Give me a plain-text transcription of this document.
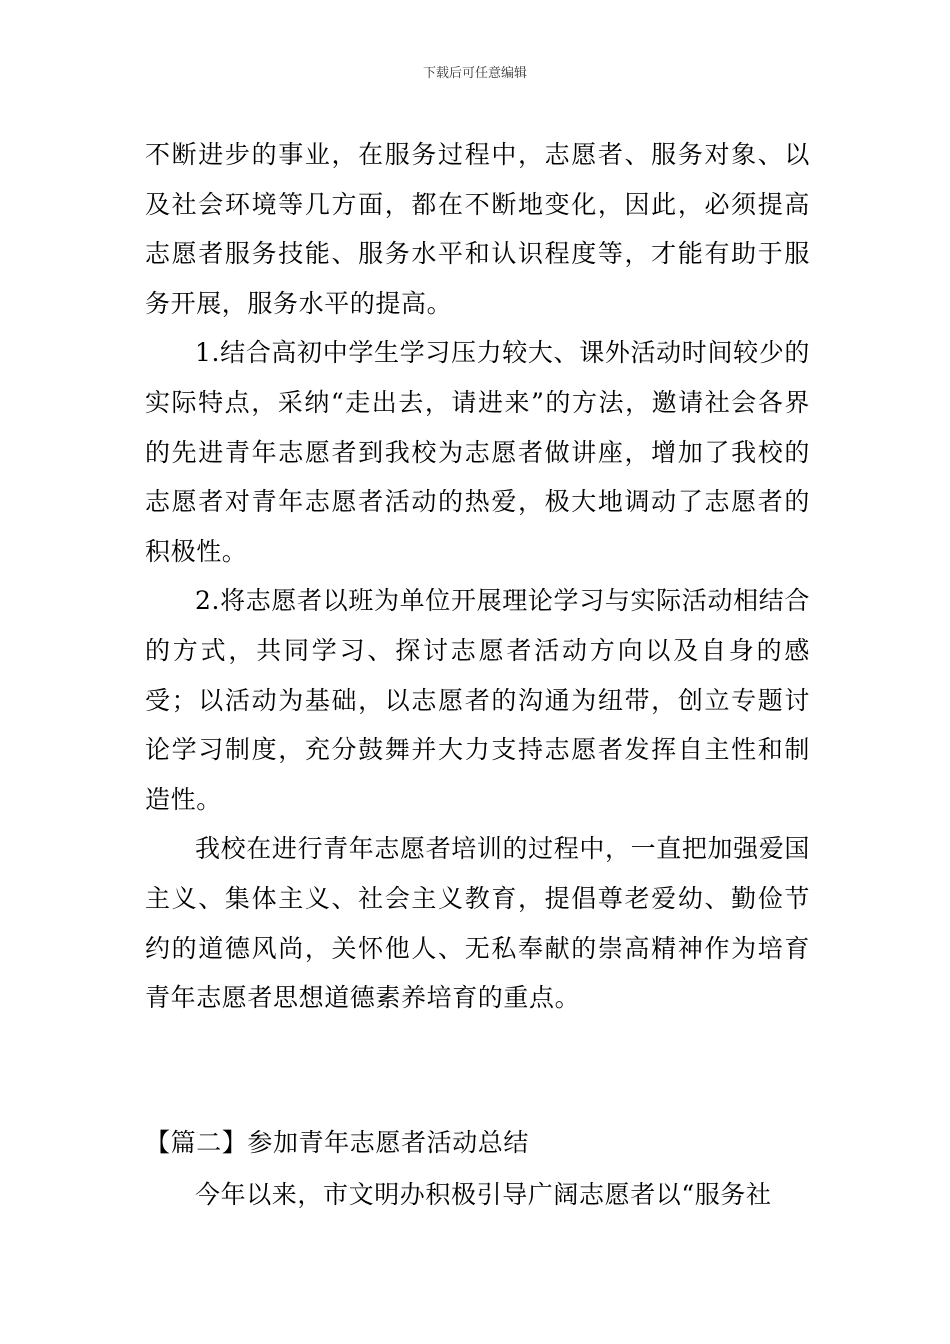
下载后可任意编辑

不断进步的事业，在服务过程中，志愿者、服务对象、以及社会环境等几方面，都在不断地变化，因此，必须提高志愿者服务技能、服务水平和认识程度等，才能有助于服务开展，服务水平的提高。

1.结合高初中学生学习压力较大、课外活动时间较少的实际特点，采纳“走出去，请进来”的方法，邀请社会各界的先进青年志愿者到我校为志愿者做讲座，增加了我校的志愿者对青年志愿者活动的热爱，极大地调动了志愿者的积极性。

2.将志愿者以班为单位开展理论学习与实际活动相结合的方式，共同学习、探讨志愿者活动方向以及自身的感受；以活动为基础，以志愿者的沟通为纽带，创立专题讨论学习制度，充分鼓舞并大力支持志愿者发挥自主性和制造性。

我校在进行青年志愿者培训的过程中，一直把加强爱国主义、集体主义、社会主义教育，提倡尊老爱幼、勤俭节约的道德风尚，关怀他人、无私奉献的崇高精神作为培育青年志愿者思想道德素养培育的重点。

【篇二】参加青年志愿者活动总结

今年以来，市文明办积极引导广阔志愿者以“服务社
